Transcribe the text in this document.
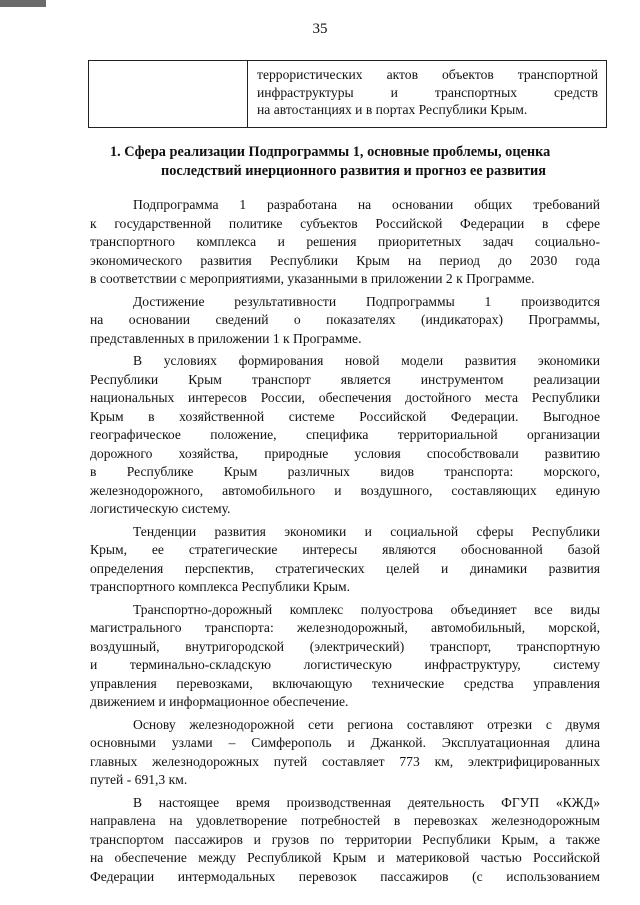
35
террористических актов объектов транспортной
инфраструктуры и транспортных средств
на автостанциях и в портах Республики Крым.
1. Сфера реализации Подпрограммы 1, основные проблемы, оценка
последствий инерционного развития и прогноз ее развития
Подпрограмма 1 разработана на основании общих требований
к государственной политике субъектов Российской Федерации в сфере
транспортного комплекса и решения приоритетных задач социально-
экономического развития Республики Крым на период до 2030 года
в соответствии с мероприятиями, указанными в приложении 2 к Программе.
Достижение результативности Подпрограммы 1 производится
на основании сведений о показателях (индикаторах) Программы,
представленных в приложении 1 к Программе.
В условиях формирования новой модели развития экономики
Республики Крым транспорт является инструментом реализации
национальных интересов России, обеспечения достойного места Республики
Крым в хозяйственной системе Российской Федерации. Выгодное
географическое положение, специфика территориальной организации
дорожного хозяйства, природные условия способствовали развитию
в Республике Крым различных видов транспорта: морского,
железнодорожного, автомобильного и воздушного, составляющих единую
логистическую систему.
Тенденции развития экономики и социальной сферы Республики
Крым, ее стратегические интересы являются обоснованной базой
определения перспектив, стратегических целей и динамики развития
транспортного комплекса Республики Крым.
Транспортно-дорожный комплекс полуострова объединяет все виды
магистрального транспорта: железнодорожный, автомобильный, морской,
воздушный, внутригородской (электрический) транспорт, транспортную
и терминально-складскую логистическую инфраструктуру, систему
управления перевозками, включающую технические средства управления
движением и информационное обеспечение.
Основу железнодорожной сети региона составляют отрезки с двумя
основными узлами – Симферополь и Джанкой. Эксплуатационная длина
главных железнодорожных путей составляет 773 км, электрифицированных
путей - 691,3 км.
В настоящее время производственная деятельность ФГУП «КЖД»
направлена на удовлетворение потребностей в перевозках железнодорожным
транспортом пассажиров и грузов по территории Республики Крым, а также
на обеспечение между Республикой Крым и материковой частью Российской
Федерации интермодальных перевозок пассажиров (с использованием
